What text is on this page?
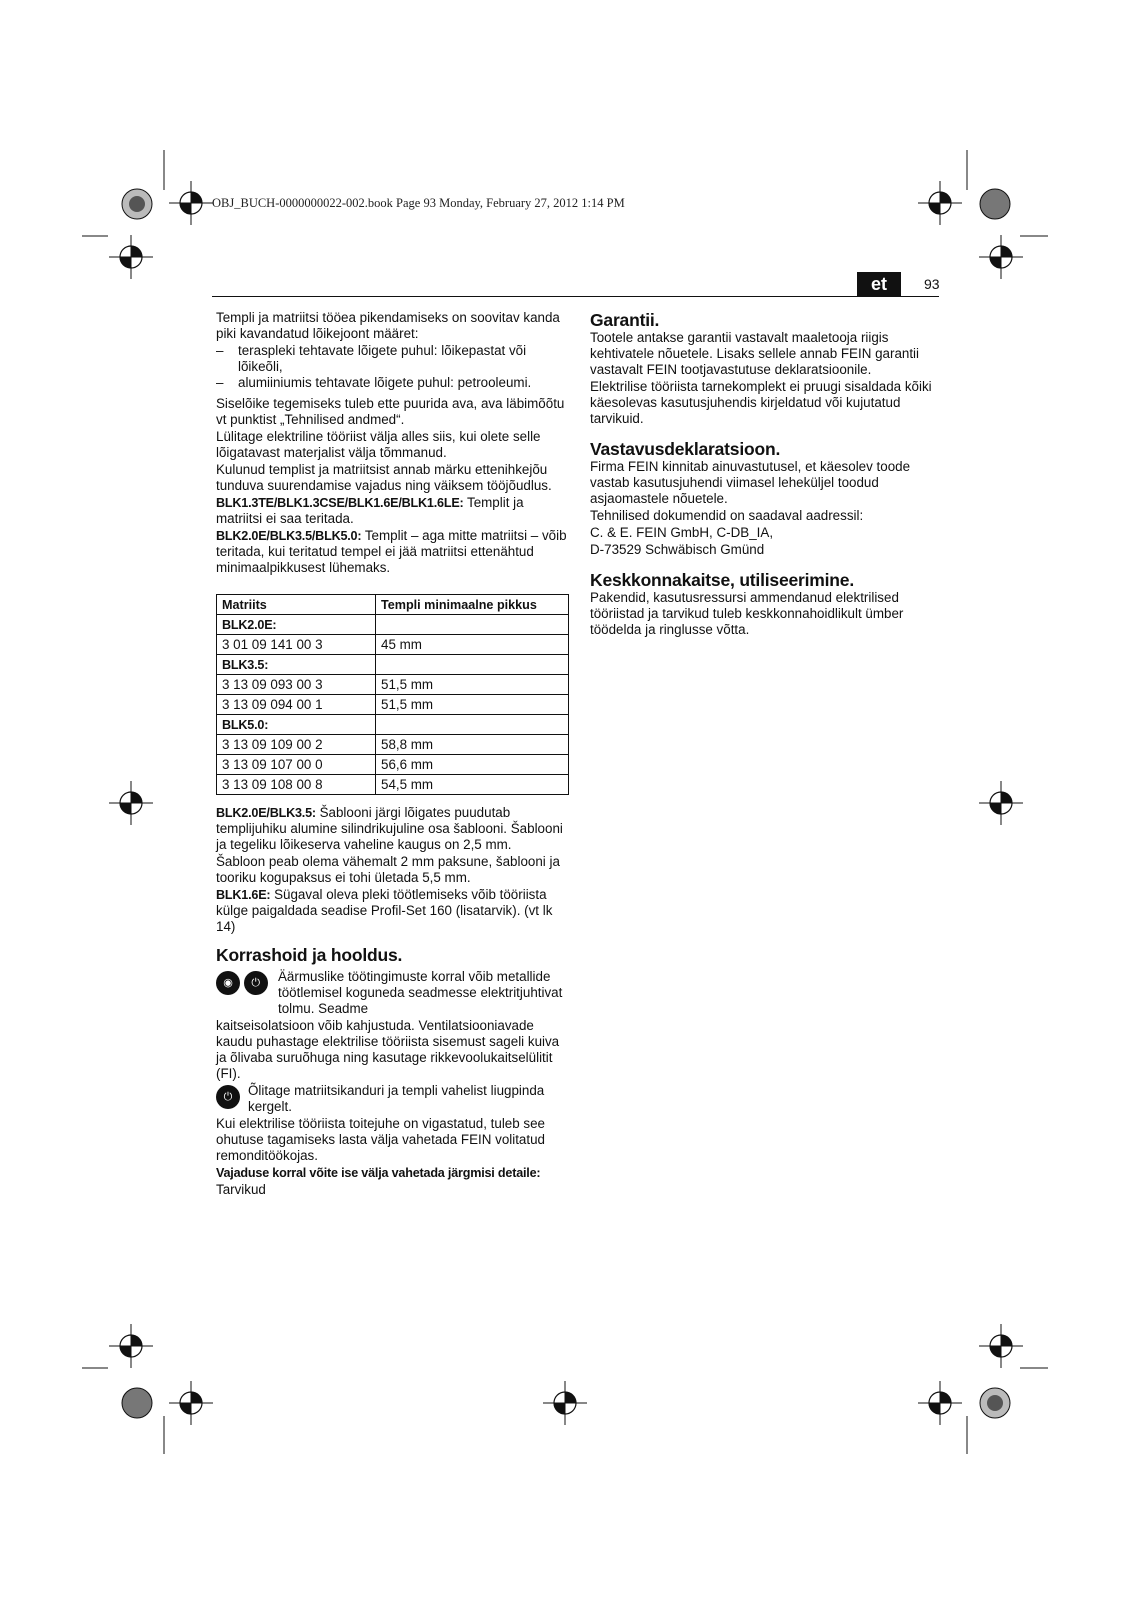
OBJ_BUCH-0000000022-002.book Page 93 Monday, February 27, 2012 1:14 PM
et	93

Templi ja matriitsi tööea pikendamiseks on soovitav kanda piki kavandatud lõikejoont määret:

–	teraspleki tehtavate lõigete puhul: lõikepastat või lõikeõli,
–	alumiiniumis tehtavate lõigete puhul: petrooleumi.

Siselõike tegemiseks tuleb ette puurida ava, ava läbimõõtu vt punktist „Tehnilised andmed“.

Lülitage elektriline tööriist välja alles siis, kui olete selle lõigatavast materjalist välja tõmmanud.

Kulunud templist ja matriitsist annab märku ettenihkejõu tunduva suurendamise vajadus ning väiksem tööjõudlus.

BLK1.3TE/BLK1.3CSE/BLK1.6E/BLK1.6LE: Templit ja matriitsi ei saa teritada.

BLK2.0E/BLK3.5/BLK5.0: Templit – aga mitte matriitsi – võib teritada, kui teritatud tempel ei jää matriitsi ettenähtud minimaalpikkusest lühemaks.

Matriits	Templi minimaalne pikkus
BLK2.0E:	
3 01 09 141 00 3	45 mm
BLK3.5:	
3 13 09 093 00 3	51,5 mm
3 13 09 094 00 1	51,5 mm
BLK5.0:	
3 13 09 109 00 2	58,8 mm
3 13 09 107 00 0	56,6 mm
3 13 09 108 00 8	54,5 mm

BLK2.0E/BLK3.5: Šablooni järgi lõigates puudutab templijuhiku alumine silindrikujuline osa šablooni. Šablooni ja tegeliku lõikeserva vaheline kaugus on 2,5 mm.

Šabloon peab olema vähemalt 2 mm paksune, šablooni ja tooriku kogupaksus ei tohi ületada 5,5 mm.

BLK1.6E: Sügaval oleva pleki töötlemiseks võib tööriista külge paigaldada seadise Profil-Set 160 (lisatarvik). (vt lk 14)

Korrashoid ja hooldus.
◉ ⏻	Äärmuslike töötingimuste korral võib metallide töötlemisel koguneda seadmesse elektritjuhtivat tolmu. Seadme

kaitseisolatsioon võib kahjustuda. Ventilatsiooniavade kaudu puhastage elektrilise tööriista sisemust sageli kuiva ja õlivaba suruõhuga ning kasutage rikkevoolukaitselülitit (FI).

⏻	Õlitage matriitsikanduri ja templi vahelist liugpinda kergelt.

Kui elektrilise tööriista toitejuhe on vigastatud, tuleb see ohutuse tagamiseks lasta välja vahetada FEIN volitatud remonditöökojas.

Vajaduse korral võite ise välja vahetada järgmisi detaile:

Tarvikud

Garantii.

Tootele antakse garantii vastavalt maaletooja riigis kehtivatele nõuetele. Lisaks sellele annab FEIN garantii vastavalt FEIN tootjavastutuse deklaratsioonile.

Elektrilise tööriista tarnekomplekt ei pruugi sisaldada kõiki käesolevas kasutusjuhendis kirjeldatud või kujutatud tarvikuid.

Vastavusdeklaratsioon.

Firma FEIN kinnitab ainuvastutusel, et käesolev toode vastab kasutusjuhendi viimasel leheküljel toodud asjaomastele nõuetele.

Tehnilised dokumendid on saadaval aadressil:

C. & E. FEIN GmbH, C-DB_IA,

D-73529 Schwäbisch Gmünd

Keskkonnakaitse, utiliseerimine.

Pakendid, kasutusressursi ammendanud elektrilised tööriistad ja tarvikud tuleb keskkonnahoidlikult ümber töödelda ja ringlusse võtta.
